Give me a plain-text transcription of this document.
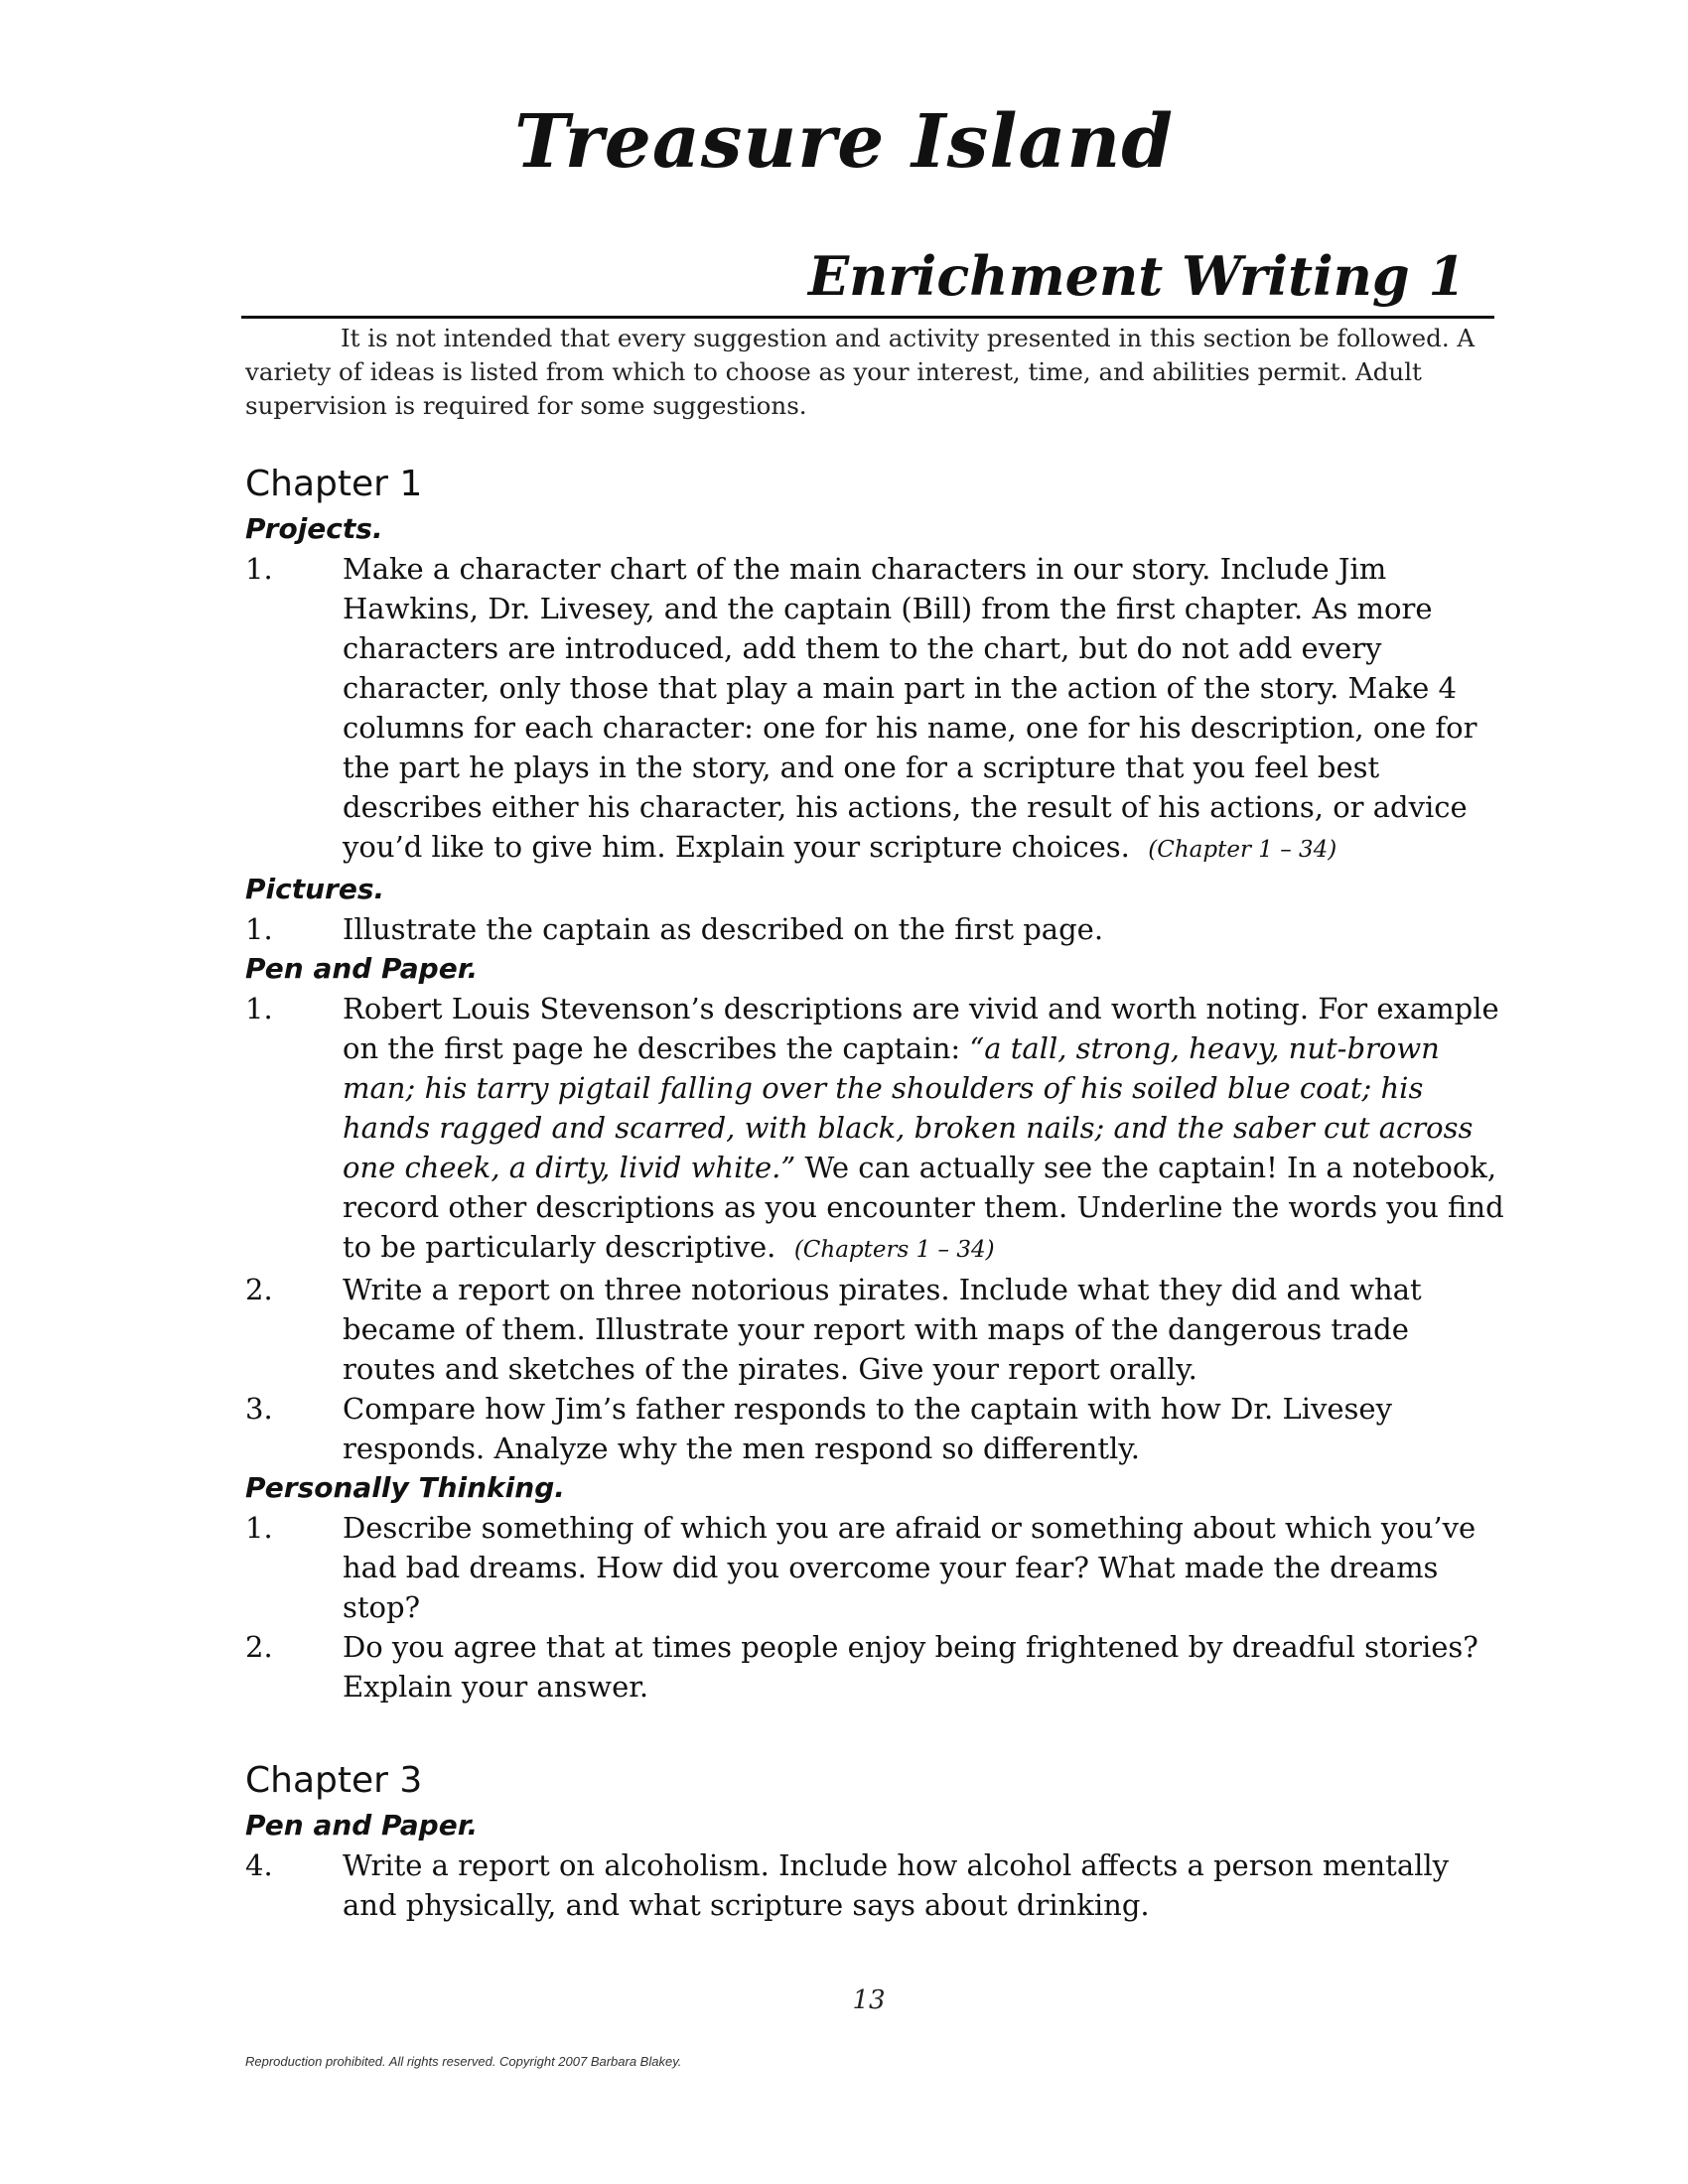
Treasure Island
Enrichment Writing 1
It is not intended that every suggestion and activity presented in this section be followed. A variety of ideas is listed from which to choose as your interest, time, and abilities permit. Adult supervision is required for some suggestions.
Chapter 1
Projects.
1.	Make a character chart of the main characters in our story. Include Jim Hawkins, Dr. Livesey, and the captain (Bill) from the first chapter. As more characters are introduced, add them to the chart, but do not add every character, only those that play a main part in the action of the story. Make 4 columns for each character: one for his name, one for his description, one for the part he plays in the story, and one for a scripture that you feel best describes either his character, his actions, the result of his actions, or advice you’d like to give him. Explain your scripture choices. (Chapter 1 – 34)
Pictures.
1.	Illustrate the captain as described on the first page.
Pen and Paper.
1.	Robert Louis Stevenson’s descriptions are vivid and worth noting. For example on the first page he describes the captain: “a tall, strong, heavy, nut-brown man; his tarry pigtail falling over the shoulders of his soiled blue coat; his hands ragged and scarred, with black, broken nails; and the saber cut across one cheek, a dirty, livid white.” We can actually see the captain! In a notebook, record other descriptions as you encounter them. Underline the words you find to be particularly descriptive. (Chapters 1 – 34)
2.	Write a report on three notorious pirates. Include what they did and what became of them. Illustrate your report with maps of the dangerous trade routes and sketches of the pirates. Give your report orally.
3.	Compare how Jim’s father responds to the captain with how Dr. Livesey responds. Analyze why the men respond so differently.
Personally Thinking.
1.	Describe something of which you are afraid or something about which you’ve had bad dreams. How did you overcome your fear? What made the dreams stop?
2.	Do you agree that at times people enjoy being frightened by dreadful stories? Explain your answer.
Chapter 3
Pen and Paper.
4.	Write a report on alcoholism. Include how alcohol affects a person mentally and physically, and what scripture says about drinking.
13
Reproduction prohibited. All rights reserved. Copyright 2007 Barbara Blakey.
